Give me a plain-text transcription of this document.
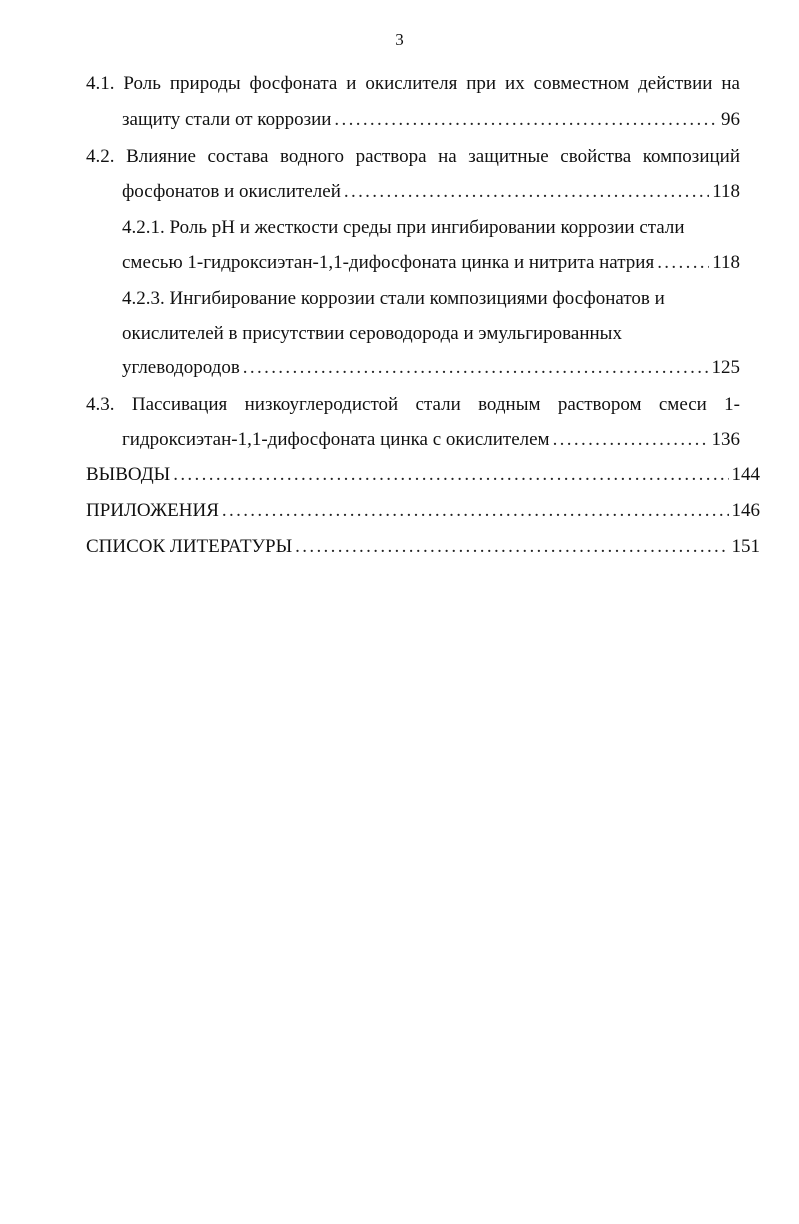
3
4.1. Роль природы фосфоната и окислителя при их совместном действии на
защиту стали от коррозии . . .	96
4.2. Влияние состава водного раствора на защитные свойства композиций
фосфонатов и окислителей . . .	118
4.2.1. Роль pH и жесткости среды при ингибировании коррозии стали
смесью 1-гидроксиэтан-1,1-дифосфоната цинка и нитрита натрия . . .	118
4.2.3. Ингибирование коррозии стали композициями фосфонатов и
окислителей в присутствии сероводорода и эмульгированных
углеводородов . . .	125
4.3. Пассивация низкоуглеродистой стали водным раствором смеси 1-
гидроксиэтан-1,1-дифосфоната цинка с окислителем . . .	136
ВЫВОДЫ . . .	144
ПРИЛОЖЕНИЯ . . .	146
СПИСОК ЛИТЕРАТУРЫ . . .	151
